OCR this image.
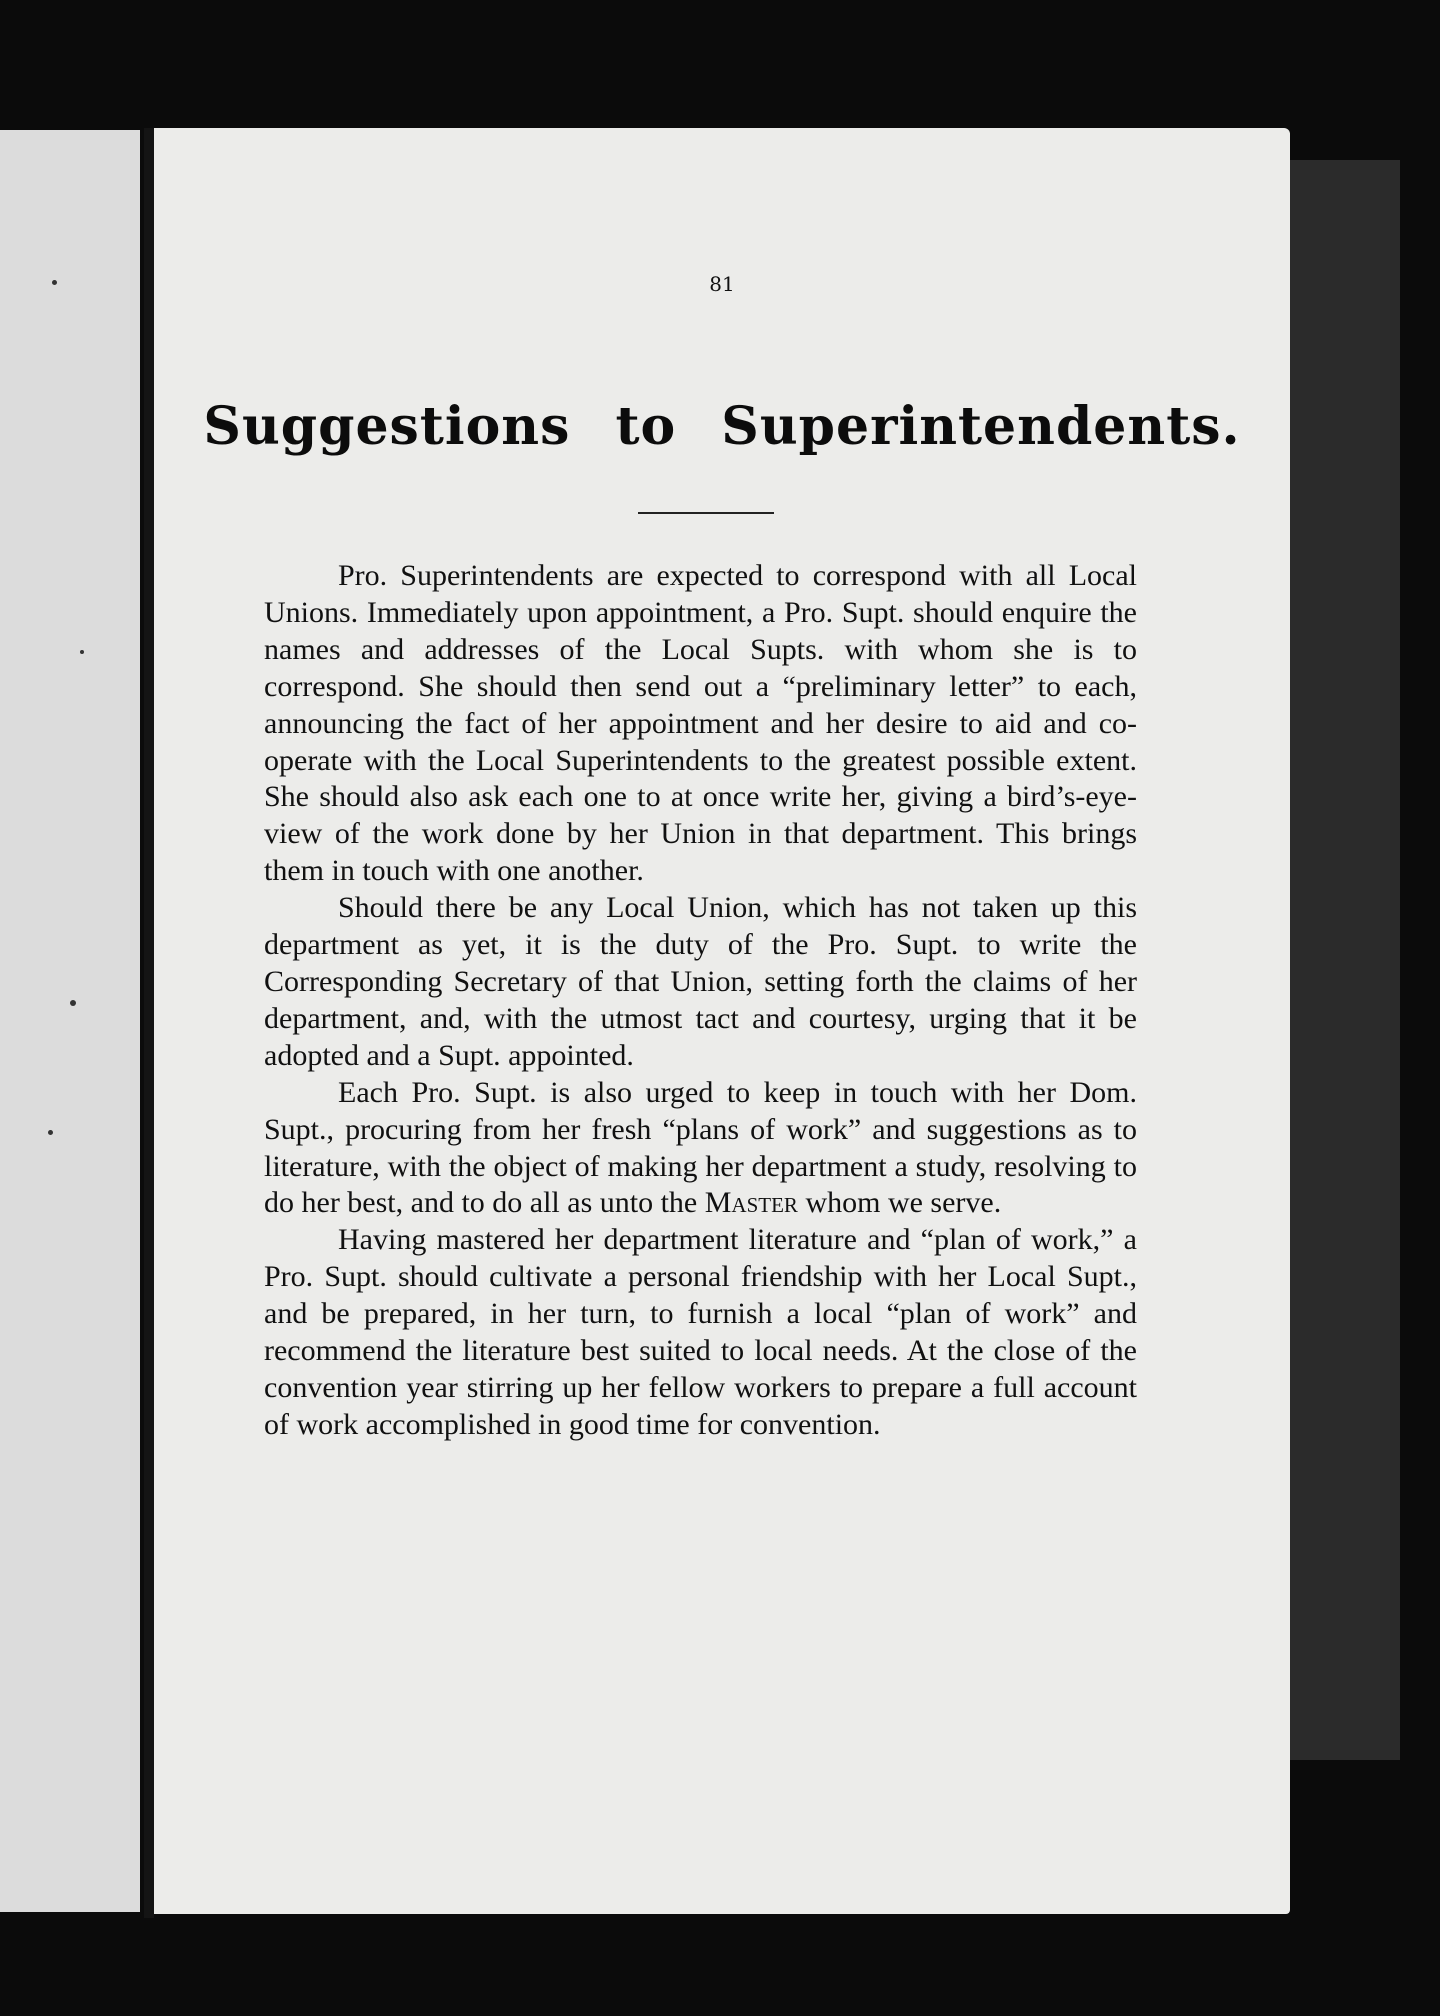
81
Suggestions to Superintendents.

Pro. Superintendents are expected to correspond with all Local Unions. Immediately upon appointment, a Pro. Supt. should enquire the names and addresses of the Local Supts. with whom she is to correspond. She should then send out a “preliminary letter” to each, announcing the fact of her appointment and her desire to aid and co-operate with the Local Superintendents to the greatest possible extent. She should also ask each one to at once write her, giving a bird’s-eye-view of the work done by her Union in that department. This brings them in touch with one another.

Should there be any Local Union, which has not taken up this department as yet, it is the duty of the Pro. Supt. to write the Corresponding Secretary of that Union, setting forth the claims of her department, and, with the utmost tact and courtesy, urging that it be adopted and a Supt. appointed.

Each Pro. Supt. is also urged to keep in touch with her Dom. Supt., procuring from her fresh “plans of work” and suggestions as to literature, with the object of making her department a study, resolving to do her best, and to do all as unto the Master whom we serve.

Having mastered her department literature and “plan of work,” a Pro. Supt. should cultivate a personal friendship with her Local Supt., and be prepared, in her turn, to furnish a local “plan of work” and recommend the literature best suited to local needs. At the close of the convention year stirring up her fellow workers to prepare a full account of work accomplished in good time for convention.
